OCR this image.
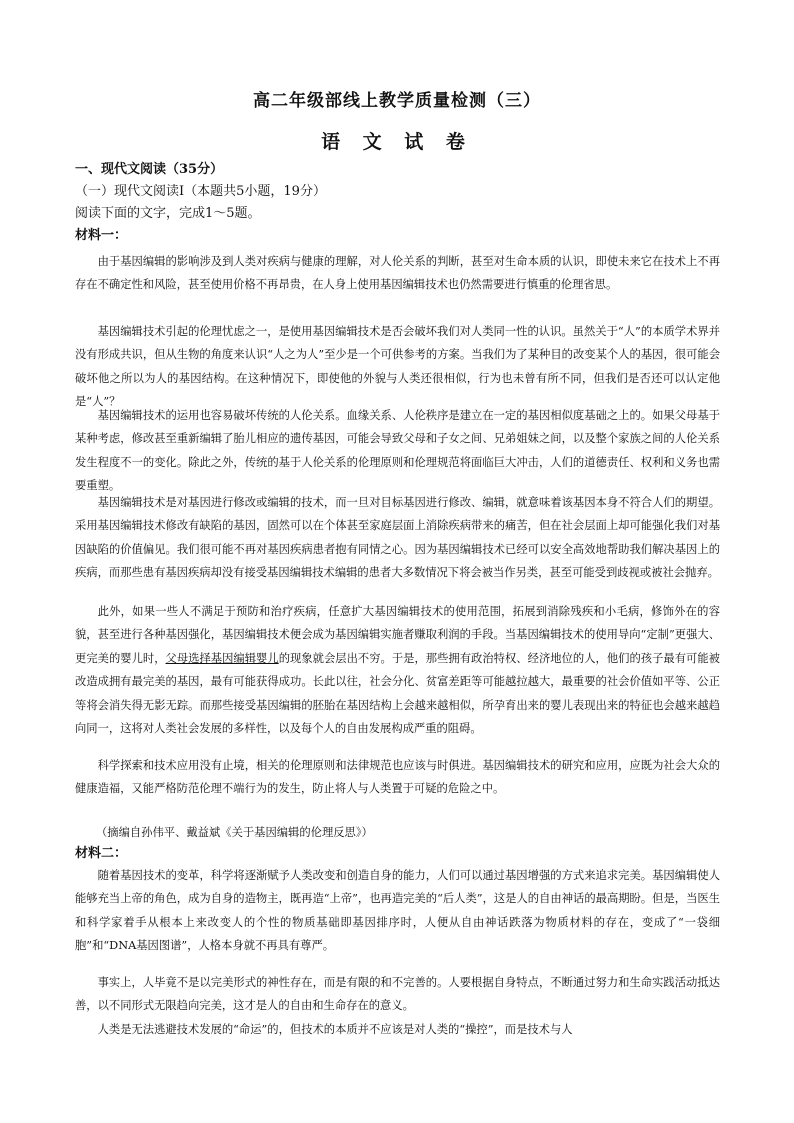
高二年级部线上教学质量检测（三）
语 文 试 卷
一、现代文阅读（35分）
（一）现代文阅读Ⅰ（本题共5小题，19分）
阅读下面的文字，完成1～5题。
材料一：

由于基因编辑的影响涉及到人类对疾病与健康的理解，对人伦关系的判断，甚至对生命本质的认识，即使未来它在技术上不再存在不确定性和风险，甚至使用价格不再昂贵，在人身上使用基因编辑技术也仍然需要进行慎重的伦理省思。

基因编辑技术引起的伦理忧虑之一，是使用基因编辑技术是否会破坏我们对人类同一性的认识。虽然关于“人”的本质学术界并没有形成共识，但从生物的角度来认识“人之为人”至少是一个可供参考的方案。当我们为了某种目的改变某个人的基因，很可能会破坏他之所以为人的基因结构。在这种情况下，即使他的外貌与人类还很相似，行为也未曾有所不同，但我们是否还可以认定他是“人”？

基因编辑技术的运用也容易破坏传统的人伦关系。血缘关系、人伦秩序是建立在一定的基因相似度基础之上的。如果父母基于某种考虑，修改甚至重新编辑了胎儿相应的遗传基因，可能会导致父母和子女之间、兄弟姐妹之间，以及整个家族之间的人伦关系发生程度不一的变化。除此之外，传统的基于人伦关系的伦理原则和伦理规范将面临巨大冲击，人们的道德责任、权利和义务也需要重塑。

基因编辑技术是对基因进行修改或编辑的技术，而一旦对目标基因进行修改、编辑，就意味着该基因本身不符合人们的期望。采用基因编辑技术修改有缺陷的基因，固然可以在个体甚至家庭层面上消除疾病带来的痛苦，但在社会层面上却可能强化我们对基因缺陷的价值偏见。我们很可能不再对基因疾病患者抱有同情之心。因为基因编辑技术已经可以安全高效地帮助我们解决基因上的疾病，而那些患有基因疾病却没有接受基因编辑技术编辑的患者大多数情况下将会被当作另类，甚至可能受到歧视或被社会抛弃。

此外，如果一些人不满足于预防和治疗疾病，任意扩大基因编辑技术的使用范围，拓展到消除残疾和小毛病，修饰外在的容貌，甚至进行各种基因强化，基因编辑技术便会成为基因编辑实施者赚取利润的手段。当基因编辑技术的使用导向“定制”更强大、更完美的婴儿时，父母选择基因编辑婴儿的现象就会层出不穷。于是，那些拥有政治特权、经济地位的人，他们的孩子最有可能被改造成拥有最完美的基因，最有可能获得成功。长此以往，社会分化、贫富差距等可能越拉越大，最重要的社会价值如平等、公正等将会消失得无影无踪。而那些接受基因编辑的胚胎在基因结构上会越来越相似，所孕育出来的婴儿表现出来的特征也会越来越趋向同一，这将对人类社会发展的多样性，以及每个人的自由发展构成严重的阻碍。

科学探索和技术应用没有止境，相关的伦理原则和法律规范也应该与时俱进。基因编辑技术的研究和应用，应既为社会大众的健康造福，又能严格防范伦理不端行为的发生，防止将人与人类置于可疑的危险之中。

（摘编自孙伟平、戴益斌《关于基因编辑的伦理反思》）
材料二：

随着基因技术的变革，科学将逐渐赋予人类改变和创造自身的能力，人们可以通过基因增强的方式来追求完美。基因编辑使人能够充当上帝的角色，成为自身的造物主，既再造“上帝”，也再造完美的“后人类”，这是人的自由神话的最高期盼。但是，当医生和科学家着手从根本上来改变人的个性的物质基础即基因排序时，人便从自由神话跌落为物质材料的存在，变成了“一袋细胞”和“DNA基因图谱”，人格本身就不再具有尊严。

事实上，人毕竟不是以完美形式的神性存在，而是有限的和不完善的。人要根据自身特点，不断通过努力和生命实践活动抵达善，以不同形式无限趋向完美，这才是人的自由和生命存在的意义。

人类是无法逃避技术发展的“命运”的，但技术的本质并不应该是对人类的“操控”，而是技术与人
